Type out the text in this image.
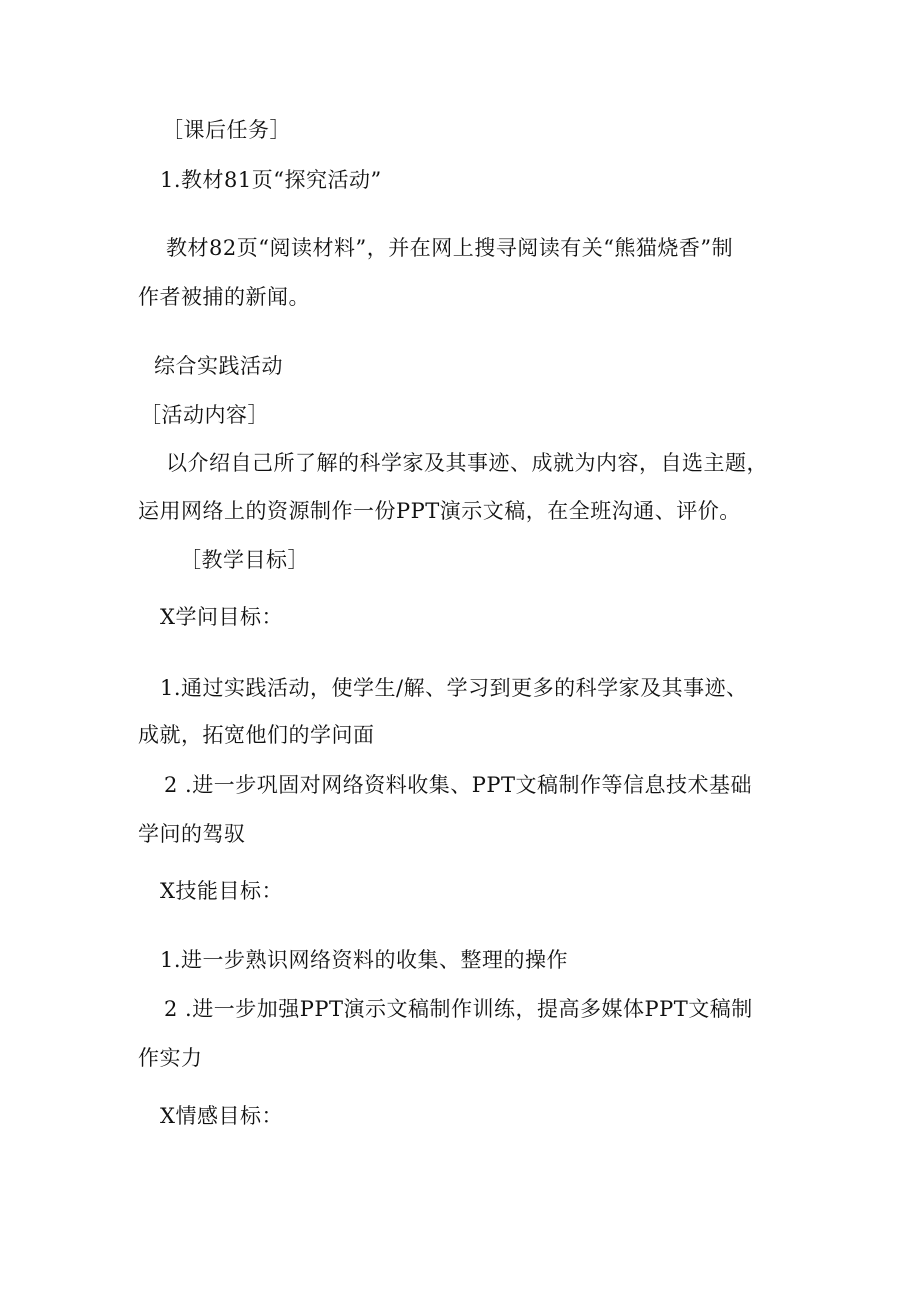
［课后任务］
1.教材81页“探究活动”
教材82页“阅读材料”，并在网上搜寻阅读有关“熊猫烧香”制
作者被捕的新闻。
综合实践活动
［活动内容］
以介绍自己所了解的科学家及其事迹、成就为内容，自选主题，
运用网络上的资源制作一份PPT演示文稿，在全班沟通、评价。
［教学目标］
X学问目标：
1.通过实践活动，使学生/解、学习到更多的科学家及其事迹、
成就，拓宽他们的学问面
2 .进一步巩固对网络资料收集、PPT文稿制作等信息技术基础
学问的驾驭
X技能目标：
1.进一步熟识网络资料的收集、整理的操作
2 .进一步加强PPT演示文稿制作训练，提高多媒体PPT文稿制
作实力
X情感目标：
